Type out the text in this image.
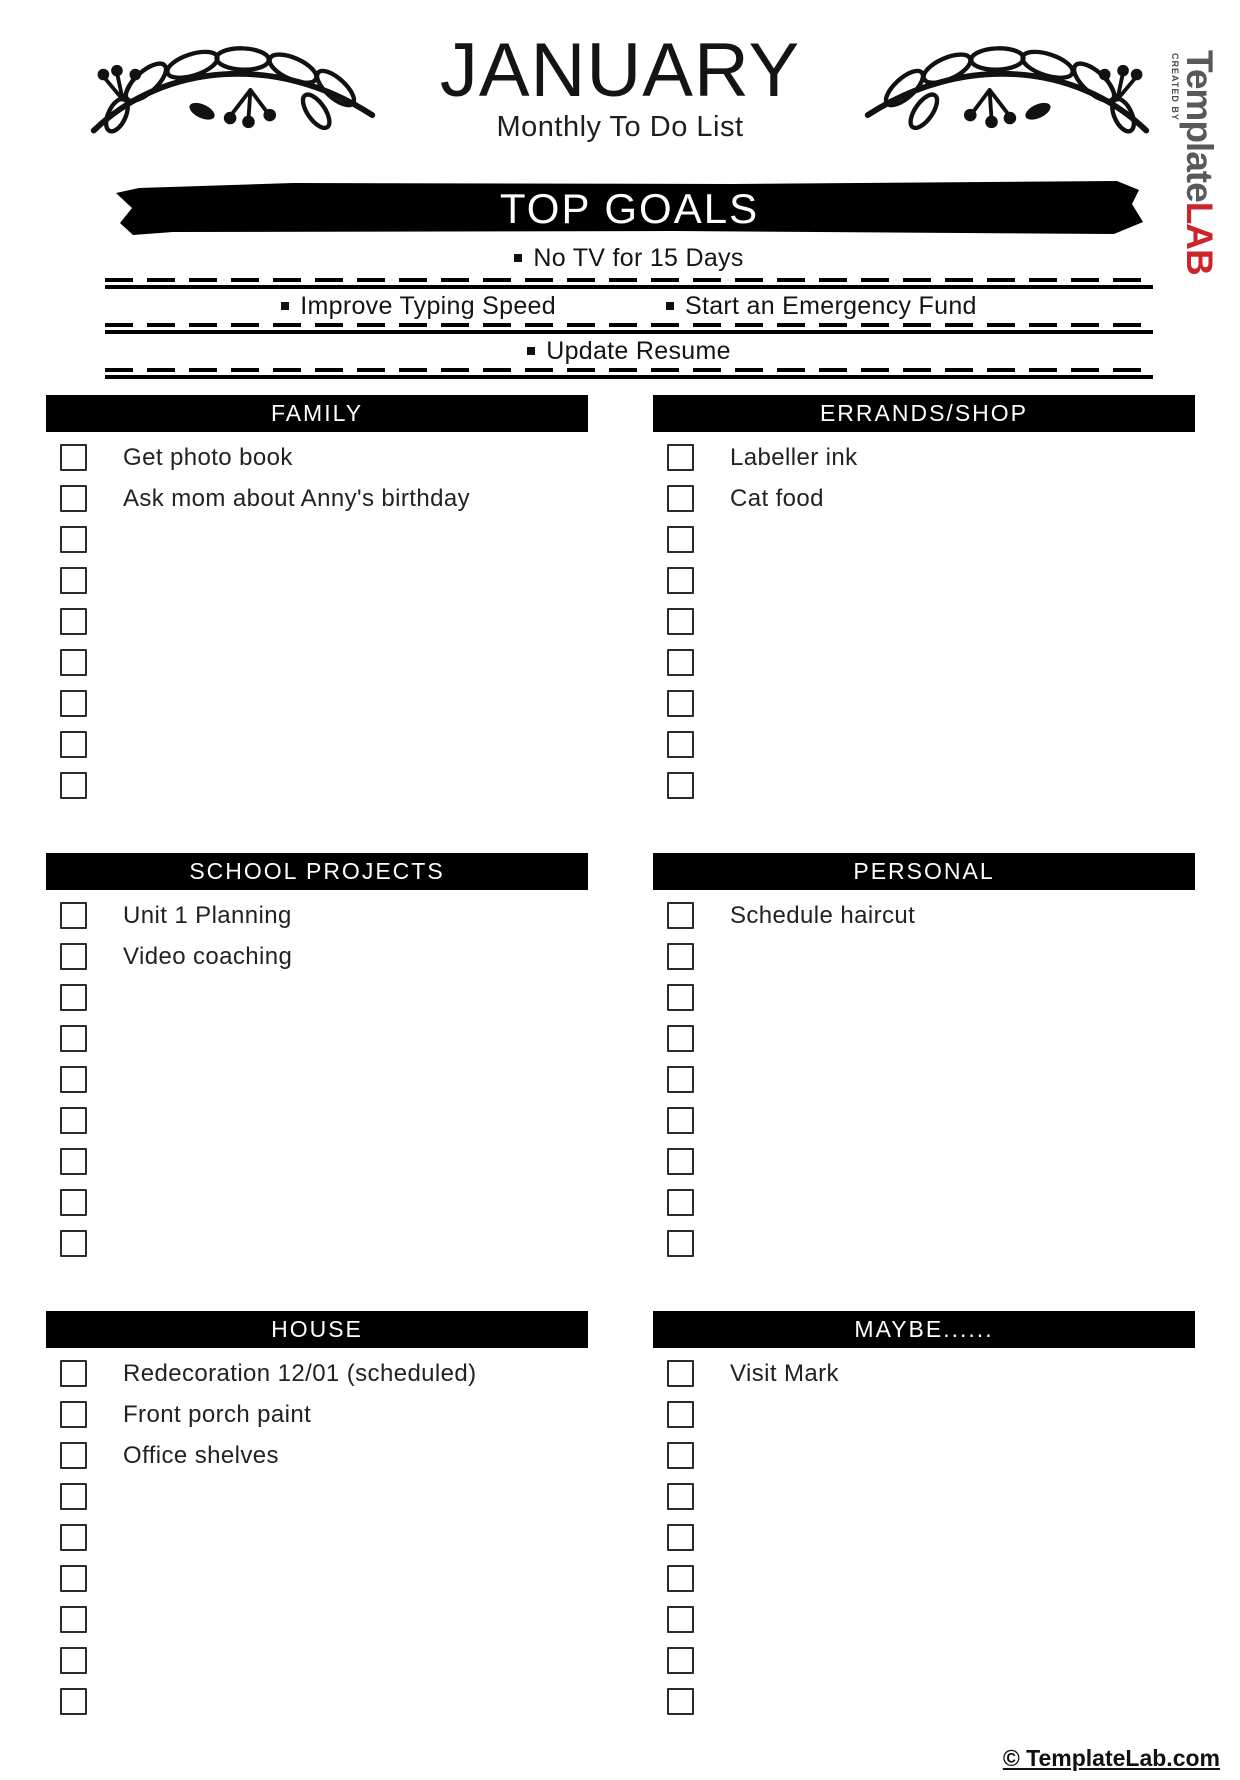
JANUARY
Monthly To Do List
CREATED BY TemplateLAB
TOP GOALS
No TV for 15 Days
Improve Typing Speed	Start an Emergency Fund
Update Resume
FAMILY
Get photo book
Ask mom about Anny's birthday
ERRANDS/SHOP
Labeller ink
Cat food
SCHOOL PROJECTS
Unit 1 Planning
Video coaching
PERSONAL
Schedule haircut
HOUSE
Redecoration 12/01 (scheduled)
Front porch paint
Office shelves
MAYBE......
Visit Mark
© TemplateLab.com
